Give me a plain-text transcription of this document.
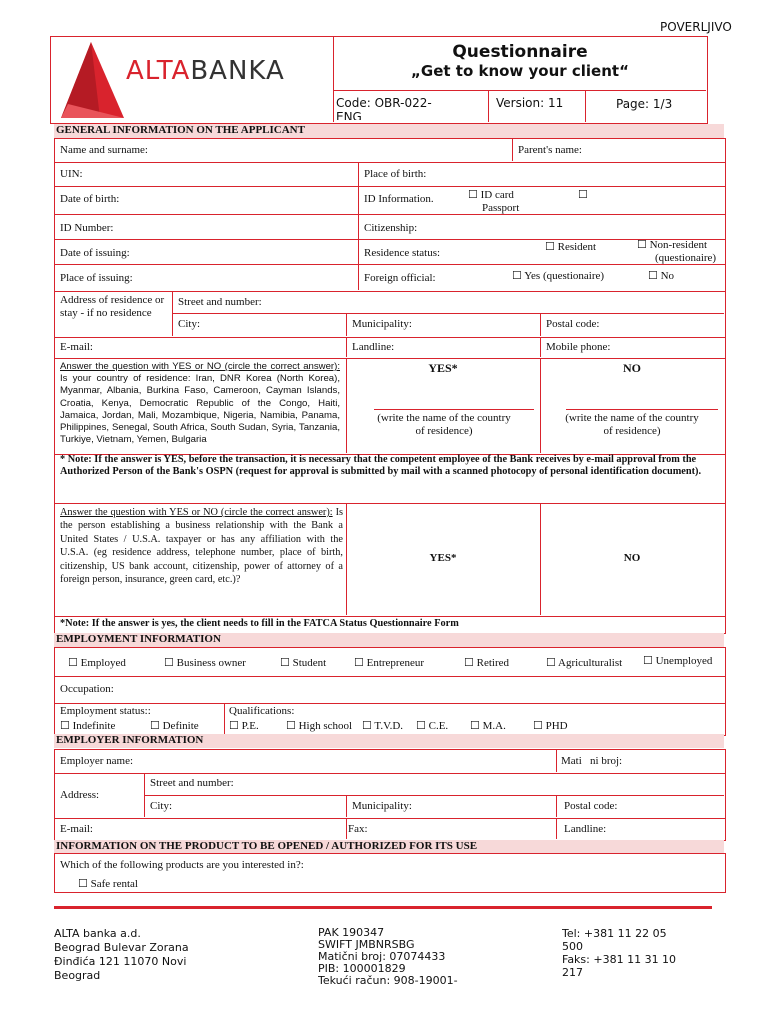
POVERLJIVO
ALTABANKA
Questionnaire
„Get to know your client“
Code: OBR-022-ENG
Version: 11	Page: 1/3
GENERAL INFORMATION ON THE APPLICANT
Name and surname:	Parent's name:
UIN:	Place of birth:
Date of birth:	ID Information.	☐ ID card	☐
Passport
ID Number:	Citizenship:
Date of issuing:	Residence status:	☐ Resident	☐ Non-resident
(questionaire)
Place of issuing:	Foreign official:	☐ Yes (questionaire)	☐ No
Address of residence or stay - if no residence
Street and number:
City:	Municipality:	Postal code:
E-mail:	Landline:	Mobile phone:
Answer the question with YES or NO (circle the correct answer): Is your country of residence: Iran, DNR Korea (North Korea), Myanmar, Albania, Burkina Faso, Cameroon, Cayman Islands, Croatia, Kenya, Democratic Republic of the Congo, Haiti, Jamaica, Jordan, Mali, Mozambique, Nigeria, Namibia, Panama, Philippines, Senegal, South Africa, South Sudan, Syria, Tanzania, Turkiye, Vietnam, Yemen, Bulgaria
YES*	NO
(write the name of the country of residence)
(write the name of the country of residence)
* Note: If the answer is YES, before the transaction, it is necessary that the competent employee of the Bank receives by e-mail approval from the Authorized Person of the Bank's OSPN (request for approval is submitted by mail with a scanned photocopy of personal identification document).
Answer the question with YES or NO (circle the correct answer): Is the person establishing a business relationship with the Bank a United States / U.S.A. taxpayer or has any affiliation with the U.S.A. (eg residence address, telephone number, place of birth, citizenship, US bank account, citizenship, power of attorney of a foreign person, insurance, green card, etc.)?
YES*	NO
*Note: If the answer is yes, the client needs to fill in the FATCA Status Questionnaire Form
EMPLOYMENT INFORMATION
☐ Employed	☐ Business owner	☐ Student	☐ Entrepreneur	☐ Retired	☐ Agriculturalist ☐ Unemployed
Occupation:
Employment status::
☐ Indefinite	☐ Definite
Qualifications:
☐ P.E. ☐ High school ☐ T.V.D. ☐ C.E. ☐ M.A. ☐ PHD
EMPLOYER INFORMATION
Employer name:	Mati   ni broj:
Address:
Street and number:
City:	Municipality:	Postal code:
E-mail:	Fax:	Landline:
INFORMATION ON THE PRODUCT TO BE OPENED / AUTHORIZED FOR ITS USE
Which of the following products are you interested in?:
☐ Safe rental
ALTA banka a.d.
Beograd Bulevar Zorana
Đinđića 121 11070 Novi
Beograd
PAK 190347
SWIFT JMBNRSBG
Matični broj: 07074433
PIB: 100001829
Tekući račun: 908-19001-
Tel: +381 11 22 05
500
Faks: +381 11 31 10
217
